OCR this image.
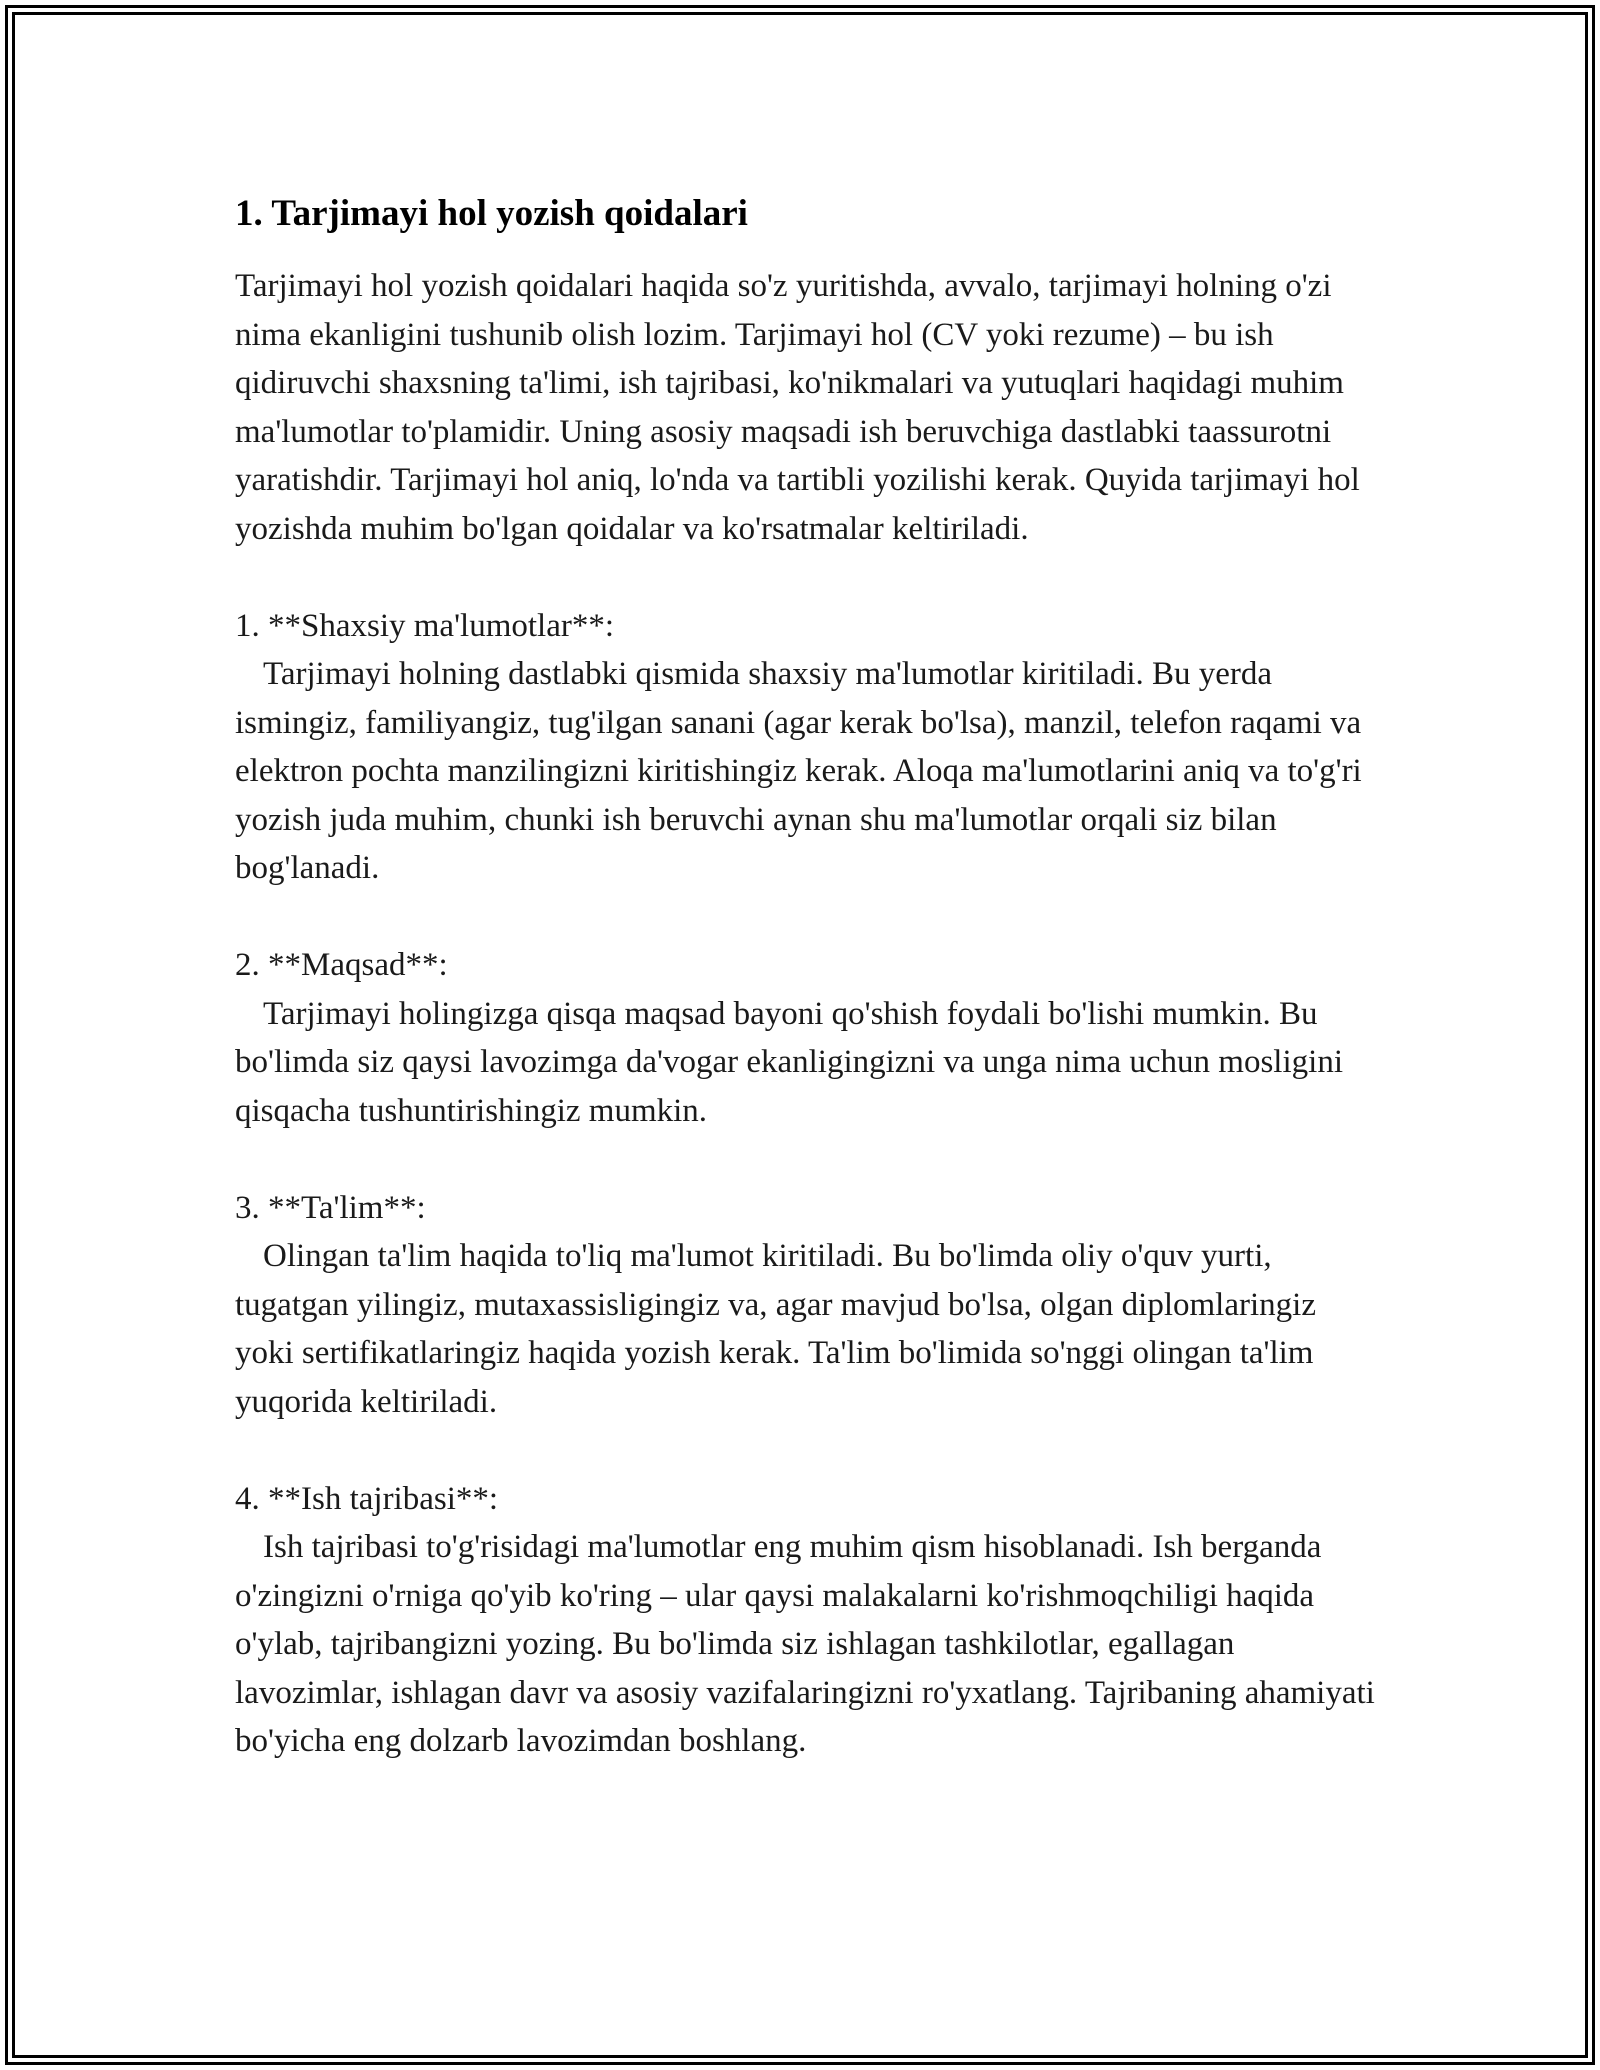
1. Tarjimayi hol yozish qoidalari

Tarjimayi hol yozish qoidalari haqida so'z yuritishda, avvalo, tarjimayi holning o'zi nima ekanligini tushunib olish lozim. Tarjimayi hol (CV yoki rezume) – bu ish qidiruvchi shaxsning ta'limi, ish tajribasi, ko'nikmalari va yutuqlari haqidagi muhim ma'lumotlar to'plamidir. Uning asosiy maqsadi ish beruvchiga dastlabki taassurotni yaratishdir. Tarjimayi hol aniq, lo'nda va tartibli yozilishi kerak. Quyida tarjimayi hol yozishda muhim bo'lgan qoidalar va ko'rsatmalar keltiriladi.

1. **Shaxsiy ma'lumotlar**:

Tarjimayi holning dastlabki qismida shaxsiy ma'lumotlar kiritiladi. Bu yerda ismingiz, familiyangiz, tug'ilgan sanani (agar kerak bo'lsa), manzil, telefon raqami va elektron pochta manzilingizni kiritishingiz kerak. Aloqa ma'lumotlarini aniq va to'g'ri yozish juda muhim, chunki ish beruvchi aynan shu ma'lumotlar orqali siz bilan bog'lanadi.

2. **Maqsad**:

Tarjimayi holingizga qisqa maqsad bayoni qo'shish foydali bo'lishi mumkin. Bu bo'limda siz qaysi lavozimga da'vogar ekanligingizni va unga nima uchun mosligini qisqacha tushuntirishingiz mumkin.

3. **Ta'lim**:

Olingan ta'lim haqida to'liq ma'lumot kiritiladi. Bu bo'limda oliy o'quv yurti, tugatgan yilingiz, mutaxassisligingiz va, agar mavjud bo'lsa, olgan diplomlaringiz yoki sertifikatlaringiz haqida yozish kerak. Ta'lim bo'limida so'nggi olingan ta'lim yuqorida keltiriladi.

4. **Ish tajribasi**:

Ish tajribasi to'g'risidagi ma'lumotlar eng muhim qism hisoblanadi. Ish berganda o'zingizni o'rniga qo'yib ko'ring – ular qaysi malakalarni ko'rishmoqchiligi haqida o'ylab, tajribangizni yozing. Bu bo'limda siz ishlagan tashkilotlar, egallagan lavozimlar, ishlagan davr va asosiy vazifalaringizni ro'yxatlang. Tajribaning ahamiyati bo'yicha eng dolzarb lavozimdan boshlang.
